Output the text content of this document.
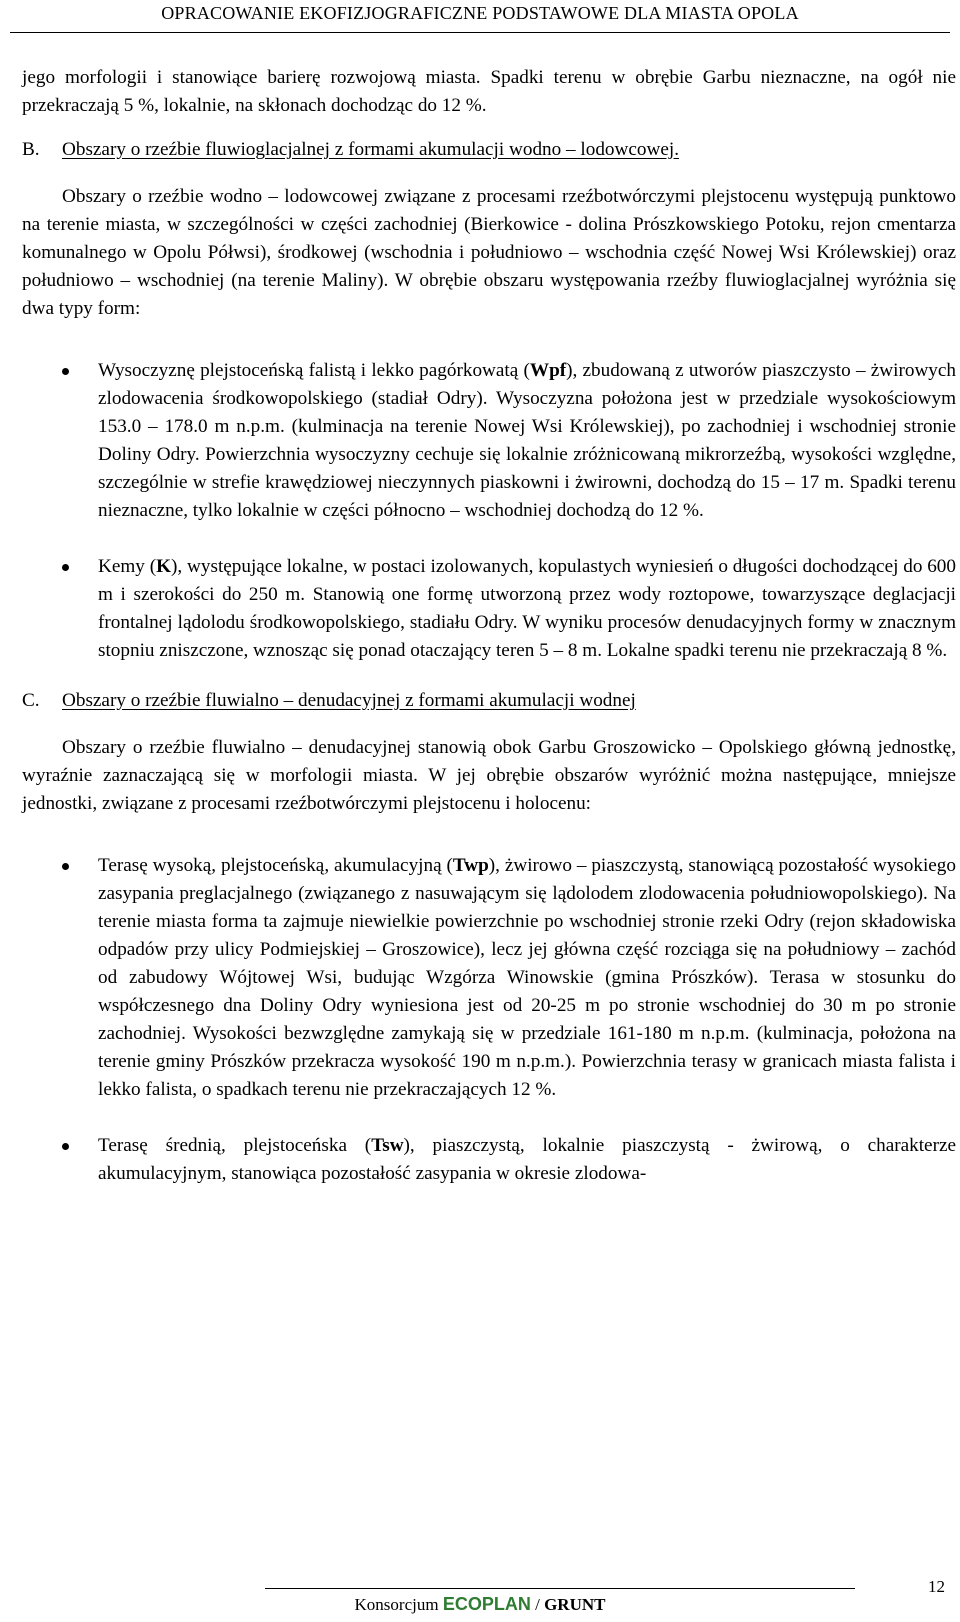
OPRACOWANIE EKOFIZJOGRAFICZNE PODSTAWOWE DLA MIASTA OPOLA

jego morfologii i stanowiące barierę rozwojową miasta. Spadki terenu w obrębie Garbu nieznaczne, na ogół nie przekraczają 5 %, lokalnie, na skłonach dochodząc do 12 %.

B.	Obszary o rzeźbie fluwioglacjalnej z formami akumulacji wodno – lodowcowej.

Obszary o rzeźbie wodno – lodowcowej związane z procesami rzeźbotwórczymi plejstocenu występują punktowo na terenie miasta, w szczególności w części zachodniej (Bierkowice - dolina Prószkowskiego Potoku, rejon cmentarza komunalnego w Opolu Półwsi), środkowej (wschodnia i południowo – wschodnia część Nowej Wsi Królewskiej) oraz południowo – wschodniej (na terenie Maliny). W obrębie obszaru występowania rzeźby fluwioglacjalnej wyróżnia się dwa typy form:

Wysoczyznę plejstoceńską falistą i lekko pagórkowatą (Wpf), zbudowaną z utworów piaszczysto – żwirowych zlodowacenia środkowopolskiego (stadiał Odry). Wysoczyzna położona jest w przedziale wysokościowym 153.0 – 178.0 m n.p.m. (kulminacja na terenie Nowej Wsi Królewskiej), po zachodniej i wschodniej stronie Doliny Odry. Powierzchnia wysoczyzny cechuje się lokalnie zróżnicowaną mikrorzeźbą, wysokości względne, szczególnie w strefie krawędziowej nieczynnych piaskowni i żwirowni, dochodzą do 15 – 17 m. Spadki terenu nieznaczne, tylko lokalnie w części północno – wschodniej dochodzą do 12 %.
Kemy (K), występujące lokalne, w postaci izolowanych, kopulastych wyniesień o długości dochodzącej do 600 m i szerokości do 250 m. Stanowią one formę utworzoną przez wody roztopowe, towarzyszące deglacjacji frontalnej lądolodu środkowopolskiego, stadiału Odry. W wyniku procesów denudacyjnych formy w znacznym stopniu zniszczone, wznosząc się ponad otaczający teren 5 – 8 m. Lokalne spadki terenu nie przekraczają 8 %.
C.	Obszary o rzeźbie fluwialno – denudacyjnej z formami akumulacji wodnej

Obszary o rzeźbie fluwialno – denudacyjnej stanowią obok Garbu Groszowicko – Opolskiego główną jednostkę, wyraźnie zaznaczającą się w morfologii miasta. W jej obrębie obszarów wyróżnić można następujące, mniejsze jednostki, związane z procesami rzeźbotwórczymi plejstocenu i holocenu:

Terasę wysoką, plejstoceńską, akumulacyjną (Twp), żwirowo – piaszczystą, stanowiącą pozostałość wysokiego zasypania preglacjalnego (związanego z nasuwającym się lądolodem zlodowacenia południowopolskiego). Na terenie miasta forma ta zajmuje niewielkie powierzchnie po wschodniej stronie rzeki Odry (rejon składowiska odpadów przy ulicy Podmiejskiej – Groszowice), lecz jej główna część rozciąga się na południowy – zachód od zabudowy Wójtowej Wsi, budując Wzgórza Winowskie (gmina Prószków). Terasa w stosunku do współczesnego dna Doliny Odry wyniesiona jest od 20-25 m po stronie wschodniej do 30 m po stronie zachodniej. Wysokości bezwzględne zamykają się w przedziale 161-180 m n.p.m. (kulminacja, położona na terenie gminy Prószków przekracza wysokość 190 m n.p.m.). Powierzchnia terasy w granicach miasta falista i lekko falista, o spadkach terenu nie przekraczających 12 %.
Terasę średnią, plejstoceńska (Tsw), piaszczystą, lokalnie piaszczystą - żwirową, o charakterze akumulacyjnym, stanowiąca pozostałość zasypania w okresie zlodowa-
Konsorcjum ECOPLAN / GRUNT
12
